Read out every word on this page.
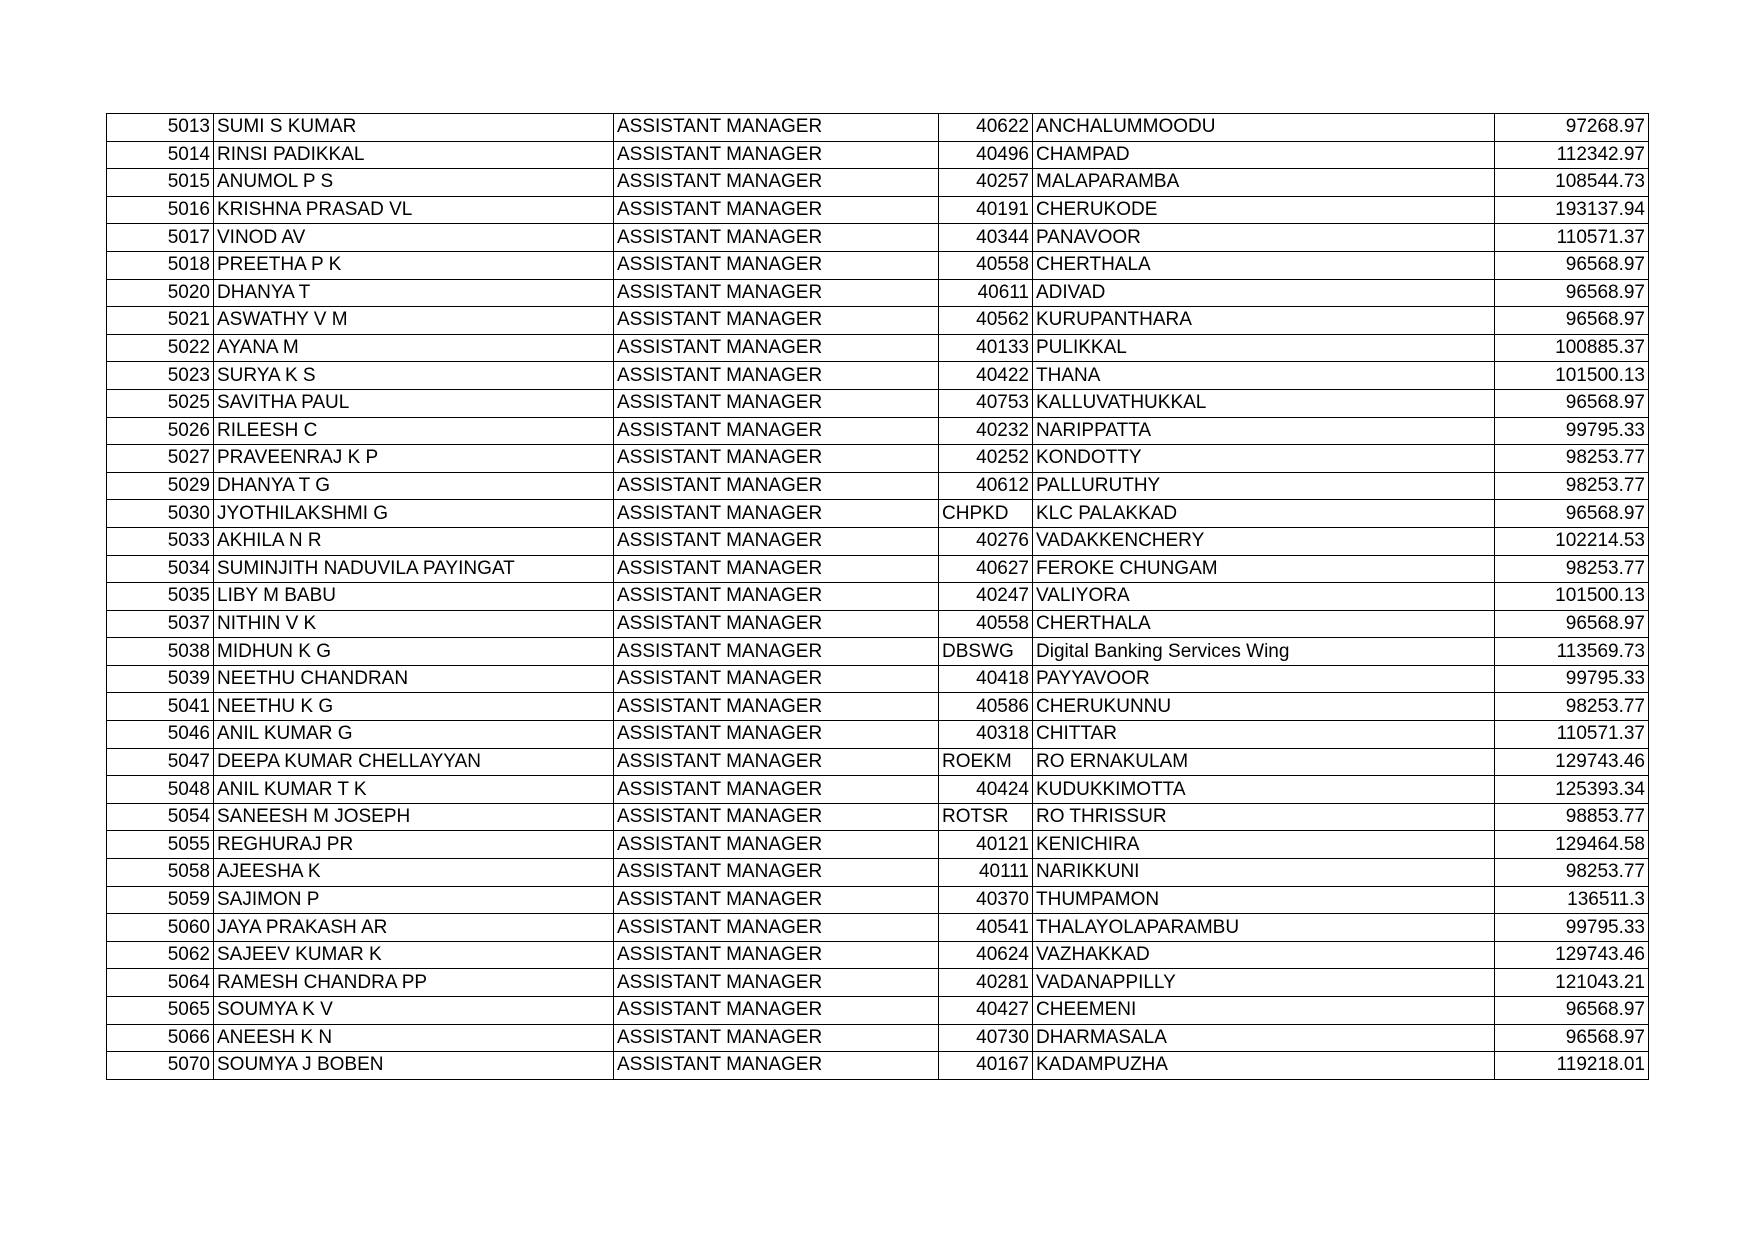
5013	SUMI S KUMAR	ASSISTANT MANAGER	40622	ANCHALUMMOODU	97268.97
5014	RINSI PADIKKAL	ASSISTANT MANAGER	40496	CHAMPAD	112342.97
5015	ANUMOL P S	ASSISTANT MANAGER	40257	MALAPARAMBA	108544.73
5016	KRISHNA PRASAD VL	ASSISTANT MANAGER	40191	CHERUKODE	193137.94
5017	VINOD AV	ASSISTANT MANAGER	40344	PANAVOOR	110571.37
5018	PREETHA P K	ASSISTANT MANAGER	40558	CHERTHALA	96568.97
5020	DHANYA T	ASSISTANT MANAGER	40611	ADIVAD	96568.97
5021	ASWATHY V M	ASSISTANT MANAGER	40562	KURUPANTHARA	96568.97
5022	AYANA M	ASSISTANT MANAGER	40133	PULIKKAL	100885.37
5023	SURYA K S	ASSISTANT MANAGER	40422	THANA	101500.13
5025	SAVITHA PAUL	ASSISTANT MANAGER	40753	KALLUVATHUKKAL	96568.97
5026	RILEESH C	ASSISTANT MANAGER	40232	NARIPPATTA	99795.33
5027	PRAVEENRAJ K P	ASSISTANT MANAGER	40252	KONDOTTY	98253.77
5029	DHANYA T G	ASSISTANT MANAGER	40612	PALLURUTHY	98253.77
5030	JYOTHILAKSHMI G	ASSISTANT MANAGER	CHPKD	KLC PALAKKAD	96568.97
5033	AKHILA N R	ASSISTANT MANAGER	40276	VADAKKENCHERY	102214.53
5034	SUMINJITH NADUVILA PAYINGAT	ASSISTANT MANAGER	40627	FEROKE CHUNGAM	98253.77
5035	LIBY M BABU	ASSISTANT MANAGER	40247	VALIYORA	101500.13
5037	NITHIN V K	ASSISTANT MANAGER	40558	CHERTHALA	96568.97
5038	MIDHUN K G	ASSISTANT MANAGER	DBSWG	Digital Banking Services Wing	113569.73
5039	NEETHU CHANDRAN	ASSISTANT MANAGER	40418	PAYYAVOOR	99795.33
5041	NEETHU K G	ASSISTANT MANAGER	40586	CHERUKUNNU	98253.77
5046	ANIL KUMAR G	ASSISTANT MANAGER	40318	CHITTAR	110571.37
5047	DEEPA KUMAR CHELLAYYAN	ASSISTANT MANAGER	ROEKM	RO ERNAKULAM	129743.46
5048	ANIL KUMAR T K	ASSISTANT MANAGER	40424	KUDUKKIMOTTA	125393.34
5054	SANEESH M JOSEPH	ASSISTANT MANAGER	ROTSR	RO THRISSUR	98853.77
5055	REGHURAJ PR	ASSISTANT MANAGER	40121	KENICHIRA	129464.58
5058	AJEESHA K	ASSISTANT MANAGER	40111	NARIKKUNI	98253.77
5059	SAJIMON P	ASSISTANT MANAGER	40370	THUMPAMON	136511.3
5060	JAYA PRAKASH AR	ASSISTANT MANAGER	40541	THALAYOLAPARAMBU	99795.33
5062	SAJEEV KUMAR K	ASSISTANT MANAGER	40624	VAZHAKKAD	129743.46
5064	RAMESH CHANDRA PP	ASSISTANT MANAGER	40281	VADANAPPILLY	121043.21
5065	SOUMYA K V	ASSISTANT MANAGER	40427	CHEEMENI	96568.97
5066	ANEESH K N	ASSISTANT MANAGER	40730	DHARMASALA	96568.97
5070	SOUMYA J BOBEN	ASSISTANT MANAGER	40167	KADAMPUZHA	119218.01
